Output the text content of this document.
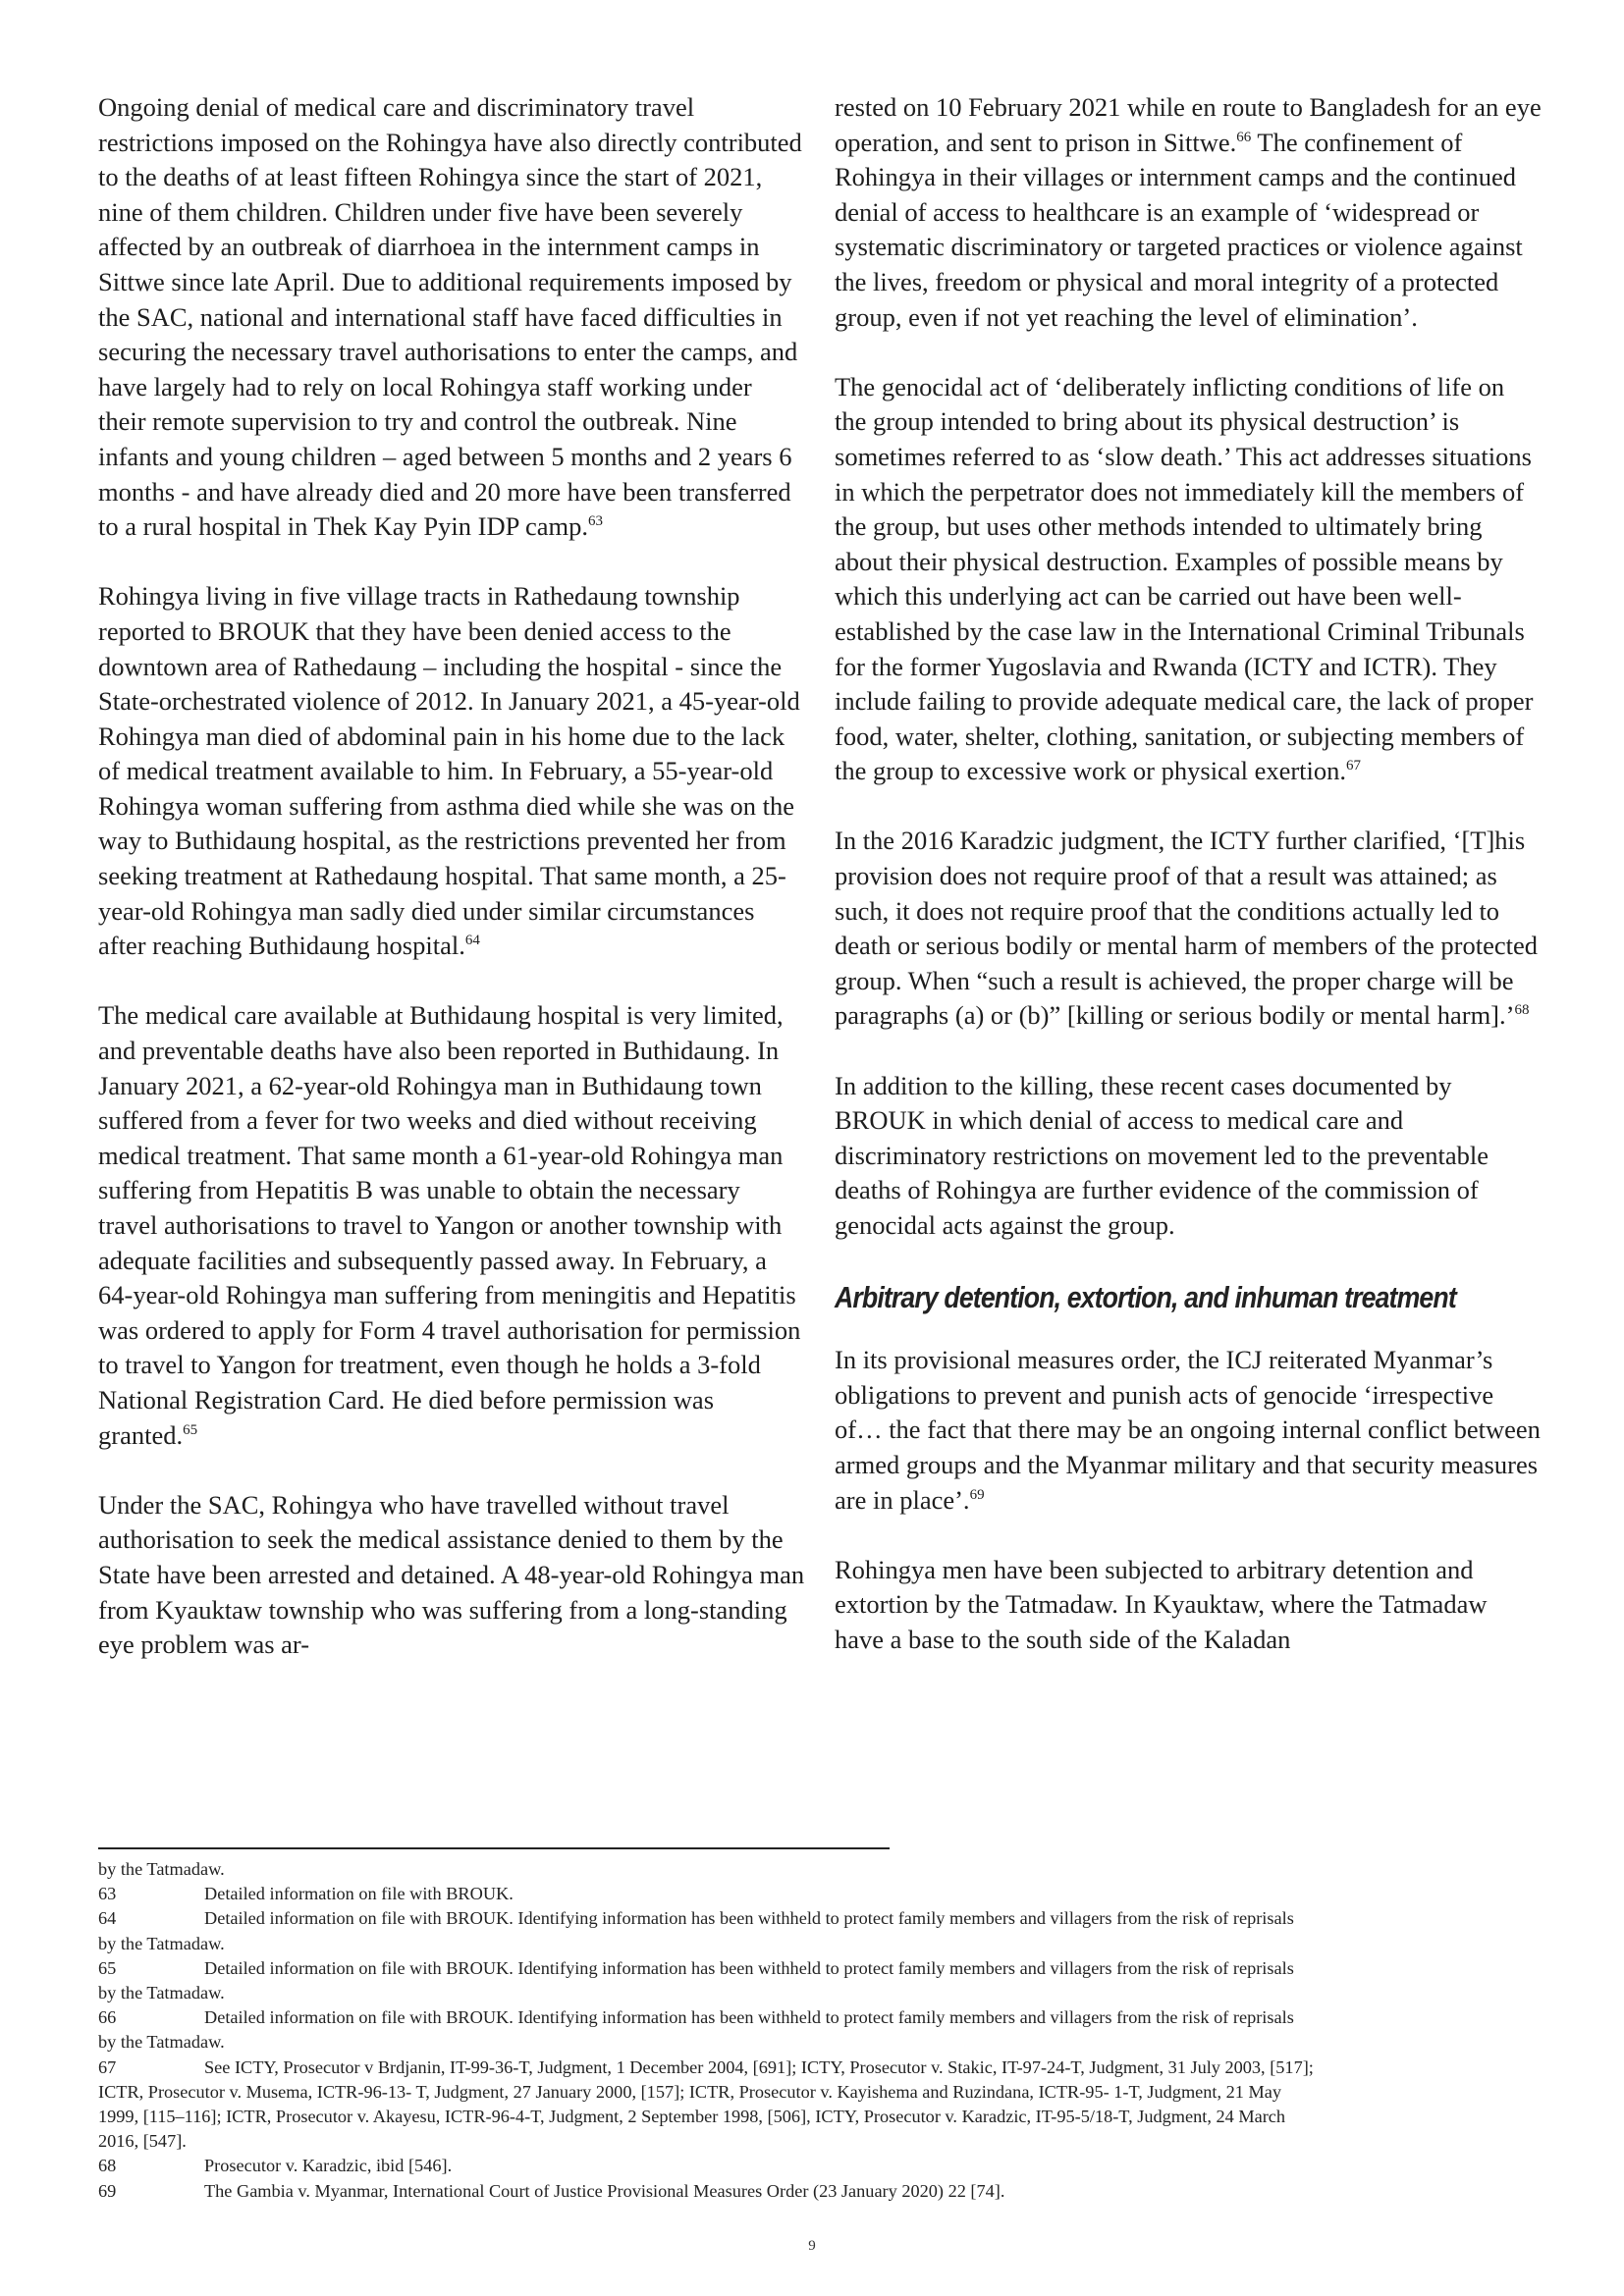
Ongoing denial of medical care and discriminatory travel restrictions imposed on the Rohingya have also directly contributed to the deaths of at least fifteen Rohingya since the start of 2021, nine of them children. Children under five have been severely affected by an outbreak of diarrhoea in the internment camps in Sittwe since late April. Due to additional requirements imposed by the SAC, national and international staff have faced difficulties in securing the necessary travel authorisations to enter the camps, and have largely had to rely on local Rohingya staff working under their remote supervision to try and control the outbreak. Nine infants and young children – aged between 5 months and 2 years 6 months - and have already died and 20 more have been transferred to a rural hospital in Thek Kay Pyin IDP camp.$^{63}$

Rohingya living in five village tracts in Rathedaung township reported to BROUK that they have been denied access to the downtown area of Rathedaung – including the hospital - since the State-orchestrated violence of 2012. In January 2021, a 45-year-old Rohingya man died of abdominal pain in his home due to the lack of medical treatment available to him. In February, a 55-year-old Rohingya woman suffering from asthma died while she was on the way to Buthidaung hospital, as the restrictions prevented her from seeking treatment at Rathedaung hospital. That same month, a 25-year-old Rohingya man sadly died under similar circumstances after reaching Buthidaung hospital.$^{64}$

The medical care available at Buthidaung hospital is very limited, and preventable deaths have also been reported in Buthidaung. In January 2021, a 62-year-old Rohingya man in Buthidaung town suffered from a fever for two weeks and died without receiving medical treatment. That same month a 61-year-old Rohingya man suffering from Hepatitis B was unable to obtain the necessary travel authorisations to travel to Yangon or another township with adequate facilities and subsequently passed away. In February, a 64-year-old Rohingya man suffering from meningitis and Hepatitis was ordered to apply for Form 4 travel authorisation for permission to travel to Yangon for treatment, even though he holds a 3-fold National Registration Card. He died before permission was granted.$^{65}$

Under the SAC, Rohingya who have travelled without travel authorisation to seek the medical assistance denied to them by the State have been arrested and detained. A 48-year-old Rohingya man from Kyauktaw township who was suffering from a long-standing eye problem was ar-

rested on 10 February 2021 while en route to Bangladesh for an eye operation, and sent to prison in Sittwe.$^{66}$ The confinement of Rohingya in their villages or internment camps and the continued denial of access to healthcare is an example of ‘widespread or systematic discriminatory or targeted practices or violence against the lives, freedom or physical and moral integrity of a protected group, even if not yet reaching the level of elimination’.

The genocidal act of ‘deliberately inflicting conditions of life on the group intended to bring about its physical destruction’ is sometimes referred to as ‘slow death.’ This act addresses situations in which the perpetrator does not immediately kill the members of the group, but uses other methods intended to ultimately bring about their physical destruction. Examples of possible means by which this underlying act can be carried out have been well-established by the case law in the International Criminal Tribunals for the former Yugoslavia and Rwanda (ICTY and ICTR). They include failing to provide adequate medical care, the lack of proper food, water, shelter, clothing, sanitation, or subjecting members of the group to excessive work or physical exertion.$^{67}$

In the 2016 Karadzic judgment, the ICTY further clarified, ‘[T]his provision does not require proof of that a result was attained; as such, it does not require proof that the conditions actually led to death or serious bodily or mental harm of members of the protected group. When “such a result is achieved, the proper charge will be paragraphs (a) or (b)” [killing or serious bodily or mental harm].’$^{68}$

In addition to the killing, these recent cases documented by BROUK in which denial of access to medical care and discriminatory restrictions on movement led to the preventable deaths of Rohingya are further evidence of the commission of genocidal acts against the group.

Arbitrary detention, extortion, and inhuman treatment

In its provisional measures order, the ICJ reiterated Myanmar’s obligations to prevent and punish acts of genocide ‘irrespective of… the fact that there may be an ongoing internal conflict between armed groups and the Myanmar military and that security measures are in place’.$^{69}$

Rohingya men have been subjected to arbitrary detention and extortion by the Tatmadaw. In Kyauktaw, where the Tatmadaw have a base to the south side of the Kaladan

by the Tatmadaw.

63	Detailed information on file with BROUK.

64	Detailed information on file with BROUK. Identifying information has been withheld to protect family members and villagers from the risk of reprisals

by the Tatmadaw.

65	Detailed information on file with BROUK. Identifying information has been withheld to protect family members and villagers from the risk of reprisals

by the Tatmadaw.

66	Detailed information on file with BROUK. Identifying information has been withheld to protect family members and villagers from the risk of reprisals

by the Tatmadaw.

67	See ICTY, Prosecutor v Brdjanin, IT-99-36-T, Judgment, 1 December 2004, [691]; ICTY, Prosecutor v. Stakic, IT-97-24-T, Judgment, 31 July 2003, [517];

ICTR, Prosecutor v. Musema, ICTR-96-13- T, Judgment, 27 January 2000, [157]; ICTR, Prosecutor v. Kayishema and Ruzindana, ICTR-95- 1-T, Judgment, 21 May

1999, [115–116]; ICTR, Prosecutor v. Akayesu, ICTR-96-4-T, Judgment, 2 September 1998, [506], ICTY, Prosecutor v. Karadzic, IT-95-5/18-T, Judgment, 24 March

2016, [547].

68	Prosecutor v. Karadzic, ibid [546].

69	The Gambia v. Myanmar, International Court of Justice Provisional Measures Order (23 January 2020) 22 [74].

9
